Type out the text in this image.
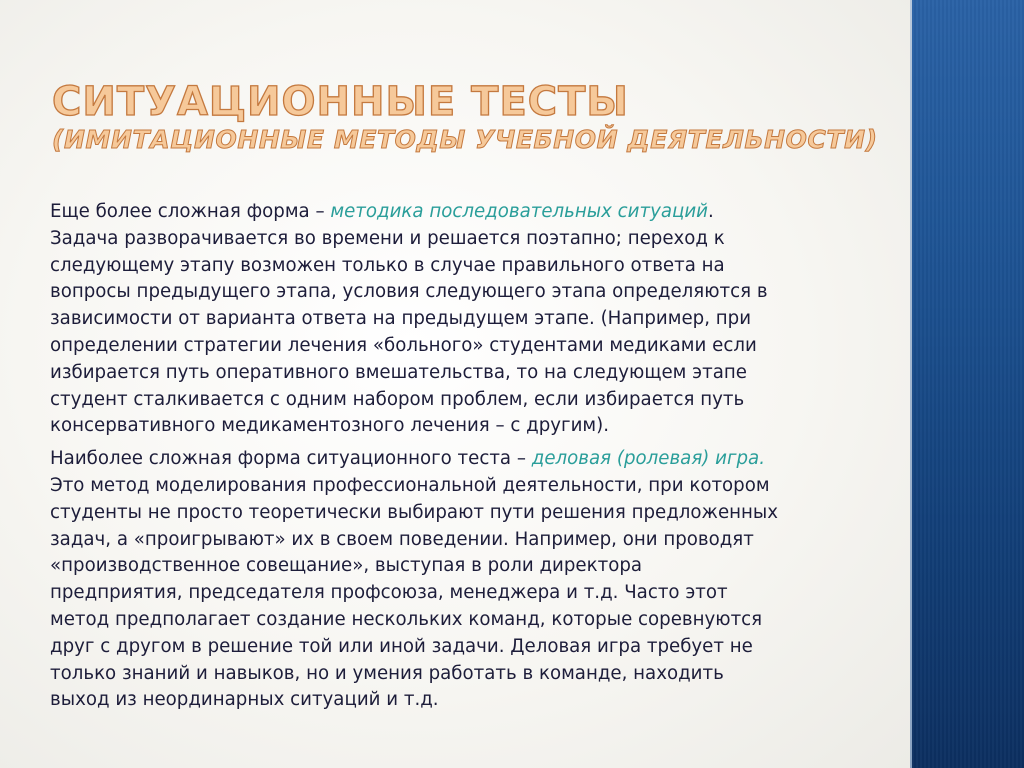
СИТУАЦИОННЫЕ ТЕСТЫ
(ИМИТАЦИОННЫЕ МЕТОДЫ УЧЕБНОЙ ДЕЯТЕЛЬНОСТИ)

Еще более сложная форма – методика последовательных ситуаций.
Задача разворачивается во времени и решается поэтапно; переход к
следующему этапу возможен только в случае правильного ответа на
вопросы предыдущего этапа, условия следующего этапа определяются в
зависимости от варианта ответа на предыдущем этапе. (Например, при
определении стратегии лечения «больного» студентами медиками если
избирается путь оперативного вмешательства, то на следующем этапе
студент сталкивается с одним набором проблем, если избирается путь
консервативного медикаментозного лечения – с другим).

Наиболее сложная форма ситуационного теста – деловая (ролевая) игра.
Это метод моделирования профессиональной деятельности, при котором
студенты не просто теоретически выбирают пути решения предложенных
задач, а «проигрывают» их в своем поведении. Например, они проводят
«производственное совещание», выступая в роли директора
предприятия, председателя профсоюза, менеджера и т.д. Часто этот
метод предполагает создание нескольких команд, которые соревнуются
друг с другом в решение той или иной задачи. Деловая игра требует не
только знаний и навыков, но и умения работать в команде, находить
выход из неординарных ситуаций и т.д.
